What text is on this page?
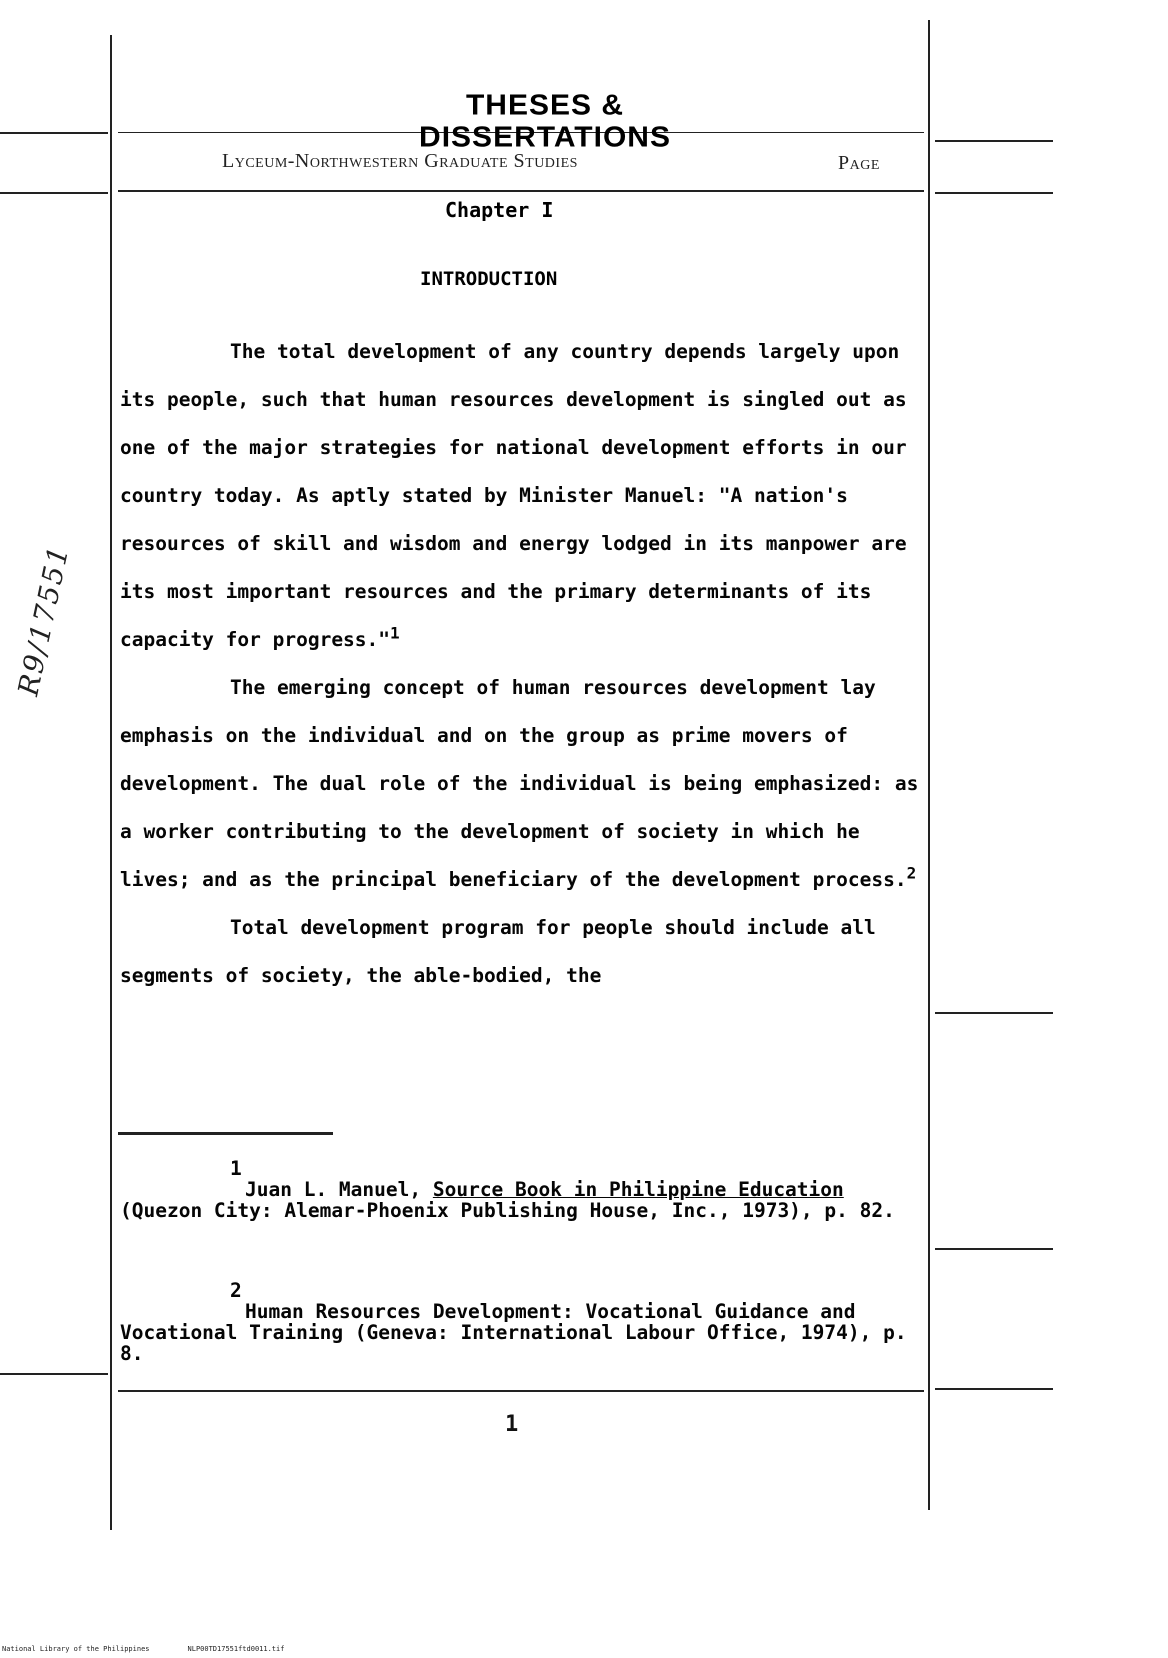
THESES & DISSERTATIONS
Lyceum-Northwestern Graduate Studies	Page
Chapter I
INTRODUCTION

The total development of any country depends largely upon its people, such that human resources development is singled out as one of the major strategies for national development efforts in our country today. As aptly stated by Minister Manuel: "A nation's resources of skill and wisdom and energy lodged in its manpower are its most important resources and the primary determinants of its capacity for progress."$^1$

The emerging concept of human resources development lay emphasis on the individual and on the group as prime movers of development. The dual role of the individual is being emphasized: as a worker contributing to the development of society in which he lives; and as the principal beneficiary of the development process.$^2$

Total development program for people should include all segments of society, the able-bodied, the

1
Juan L. Manuel, Source Book in Philippine Education (Quezon City: Alemar-Phoenix Publishing House, Inc., 1973), p. 82.
2
Human Resources Development: Vocational Guidance and Vocational Training (Geneva: International Labour Office, 1974), p. 8.
1
R9/17551
National Library of the Philippines	NLP00TD17551ftd0011.tif
